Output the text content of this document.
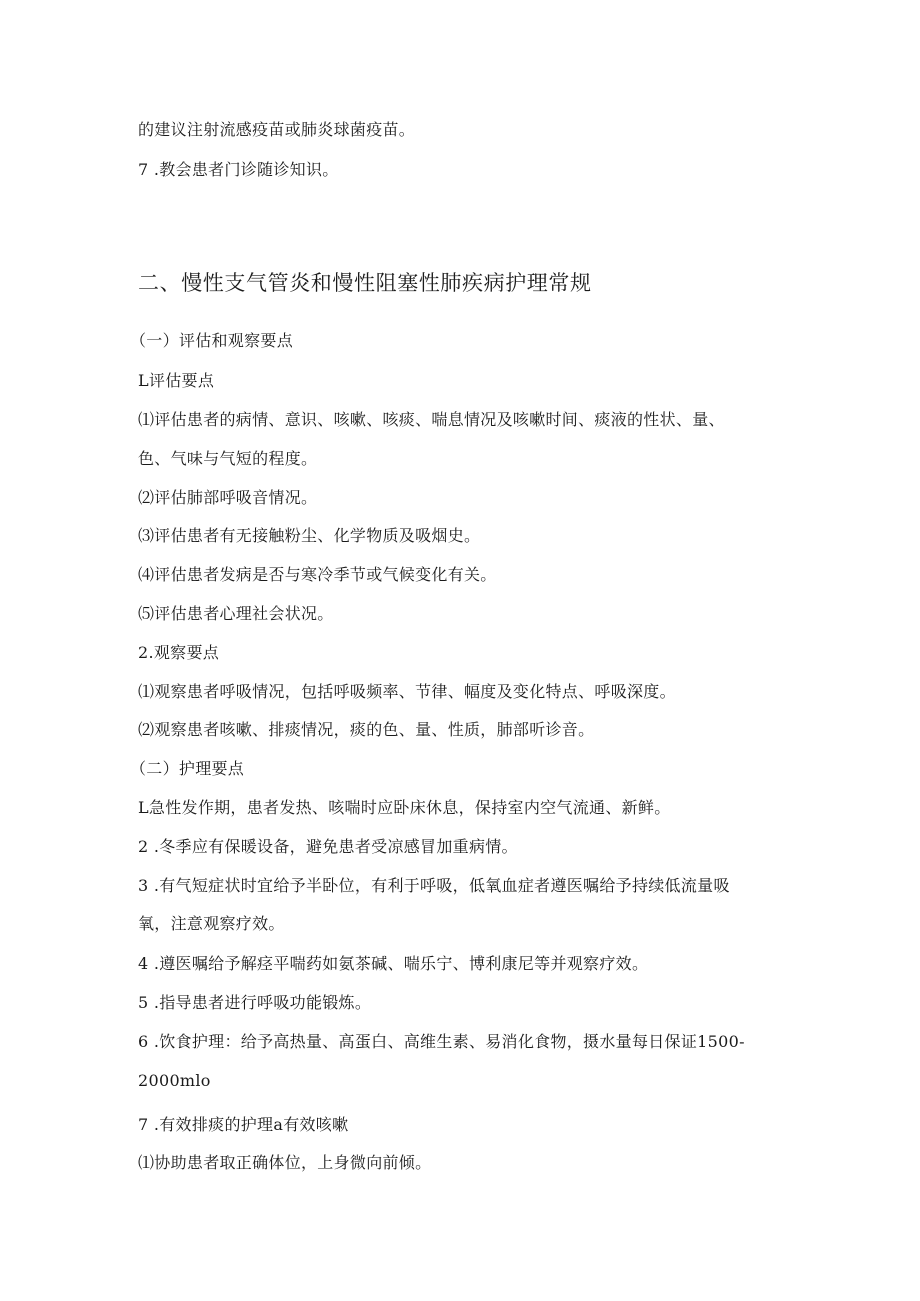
的建议注射流感疫苗或肺炎球菌疫苗。
7 .教会患者门诊随诊知识。
二、慢性支气管炎和慢性阻塞性肺疾病护理常规
（一）评估和观察要点
L评估要点
⑴评估患者的病情、意识、咳嗽、咳痰、喘息情况及咳嗽时间、痰液的性状、量、
色、气味与气短的程度。
⑵评估肺部呼吸音情况。
⑶评估患者有无接触粉尘、化学物质及吸烟史。
⑷评估患者发病是否与寒冷季节或气候变化有关。
⑸评估患者心理社会状况。
2.观察要点
⑴观察患者呼吸情况，包括呼吸频率、节律、幅度及变化特点、呼吸深度。
⑵观察患者咳嗽、排痰情况，痰的色、量、性质，肺部听诊音。
（二）护理要点
L急性发作期，患者发热、咳喘时应卧床休息，保持室内空气流通、新鲜。
2 .冬季应有保暖设备，避免患者受凉感冒加重病情。
3 .有气短症状时宜给予半卧位，有利于呼吸，低氧血症者遵医嘱给予持续低流量吸
氧，注意观察疗效。
4 .遵医嘱给予解痉平喘药如氨茶碱、喘乐宁、博利康尼等并观察疗效。
5 .指导患者进行呼吸功能锻炼。
6 .饮食护理：给予高热量、高蛋白、高维生素、易消化食物，摄水量每日保证1500-
2000mlo
7 .有效排痰的护理a有效咳嗽
⑴协助患者取正确体位，上身微向前倾。
